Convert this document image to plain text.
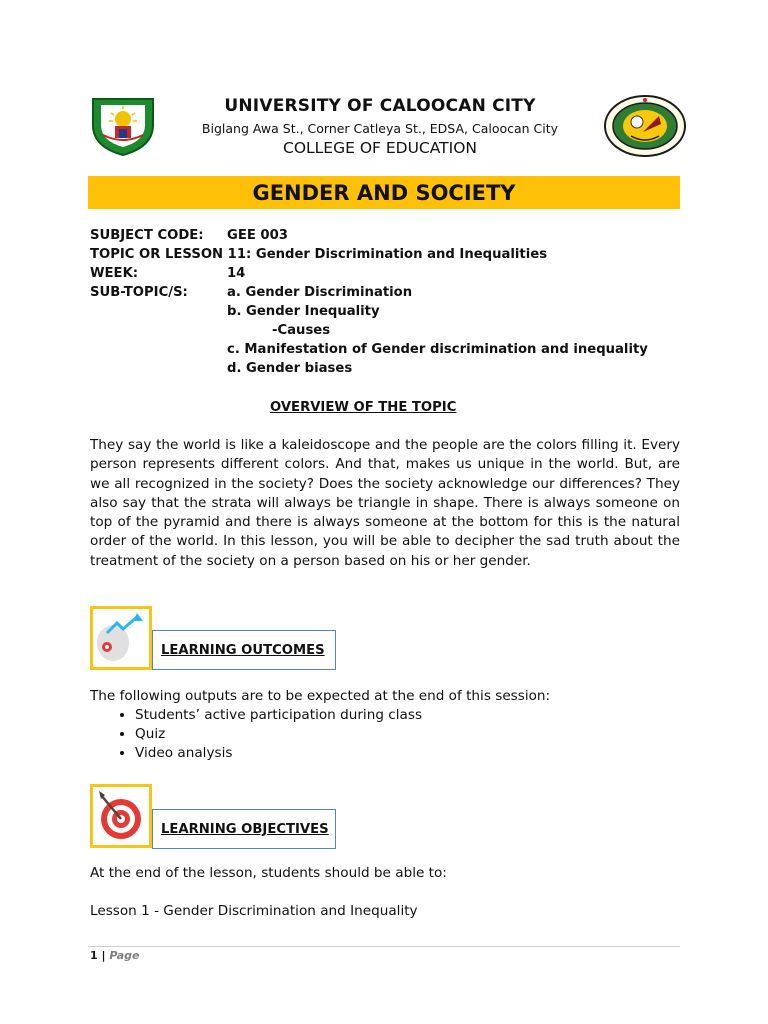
UNIVERSITY OF CALOOCAN CITY
Biglang Awa St., Corner Catleya St., EDSA, Caloocan City
COLLEGE OF EDUCATION
GENDER AND SOCIETY
SUBJECT CODE: GEE 003
TOPIC OR LESSON 11: Gender Discrimination and Inequalities
WEEK:	14
SUB-TOPIC/S:	a. Gender Discrimination
b. Gender Inequality
-Causes
c. Manifestation of Gender discrimination and inequality
d. Gender biases
OVERVIEW OF THE TOPIC
They say the world is like a kaleidoscope and the people are the colors filling it. Every person represents different colors. And that, makes us unique in the world. But, are we all recognized in the society? Does the society acknowledge our differences? They also say that the strata will always be triangle in shape. There is always someone on top of the pyramid and there is always someone at the bottom for this is the natural order of the world. In this lesson, you will be able to decipher the sad truth about the treatment of the society on a person based on his or her gender.
LEARNING OUTCOMES
The following outputs are to be expected at the end of this session:
• Students’ active participation during class
• Quiz
• Video analysis
LEARNING OBJECTIVES
At the end of the lesson, students should be able to:
Lesson 1 - Gender Discrimination and Inequality
1 | Page
